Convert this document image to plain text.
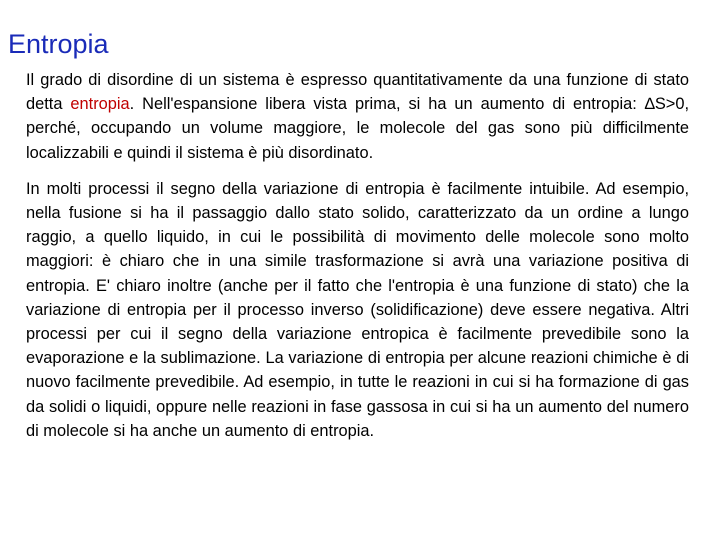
Entropia

Il grado di disordine di un sistema è espresso quantitativamente da una funzione di stato detta entropia. Nell'espansione libera vista prima, si ha un aumento di entropia: ∆S>0, perché, occupando un volume maggiore, le molecole del gas sono più difficilmente localizzabili e quindi il sistema è più disordinato.

In molti processi il segno della variazione di entropia è facilmente intuibile. Ad esempio, nella fusione si ha il passaggio dallo stato solido, caratterizzato da un ordine a lungo raggio, a quello liquido, in cui le possibilità di movimento delle molecole sono molto maggiori: è chiaro che in una simile trasformazione si avrà una variazione positiva di entropia. E' chiaro inoltre (anche per il fatto che l'entropia è una funzione di stato) che la variazione di entropia per il processo inverso (solidificazione) deve essere negativa. Altri processi per cui il segno della variazione entropica è facilmente prevedibile sono la evaporazione e la sublimazione. La variazione di entropia per alcune reazioni chimiche è di nuovo facilmente prevedibile. Ad esempio, in tutte le reazioni in cui si ha formazione di gas da solidi o liquidi, oppure nelle reazioni in fase gassosa in cui si ha un aumento del numero di molecole si ha anche un aumento di entropia.
